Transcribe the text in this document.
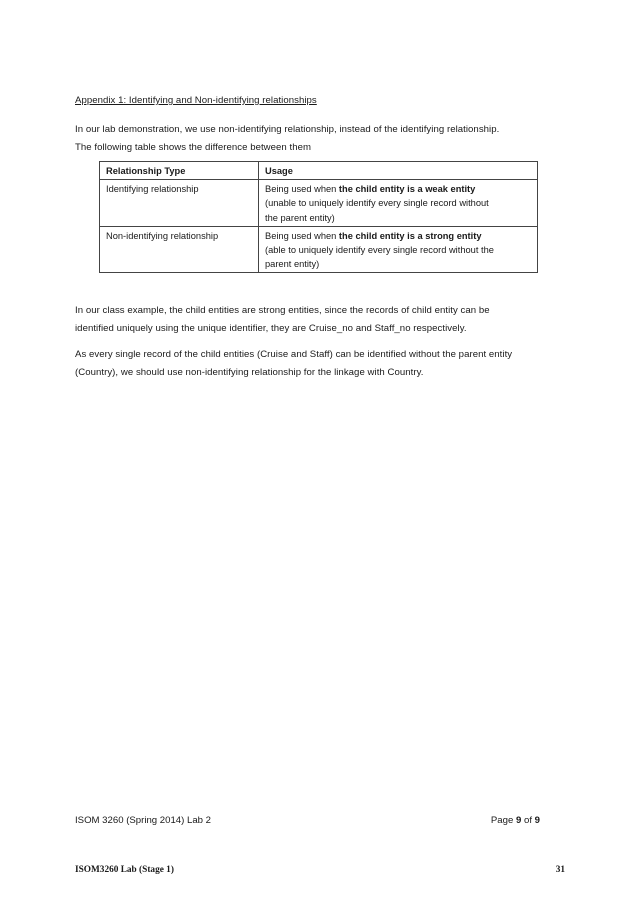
Appendix 1: Identifying and Non-identifying relationships
In our lab demonstration, we use non-identifying relationship, instead of the identifying relationship.
The following table shows the difference between them
Relationship Type	Usage
Identifying relationship	Being used when the child entity is a weak entity
(unable to uniquely identify every single record without
the parent entity)

Non-identifying relationship	Being used when the child entity is a strong entity
(able to uniquely identify every single record without the
parent entity)
In our class example, the child entities are strong entities, since the records of child entity can be
identified uniquely using the unique identifier, they are Cruise_no and Staff_no respectively.
As every single record of the child entities (Cruise and Staff) can be identified without the parent entity
(Country), we should use non-identifying relationship for the linkage with Country.
ISOM 3260 (Spring 2014) Lab 2	Page 9 of 9
ISOM3260 Lab (Stage 1)	31
